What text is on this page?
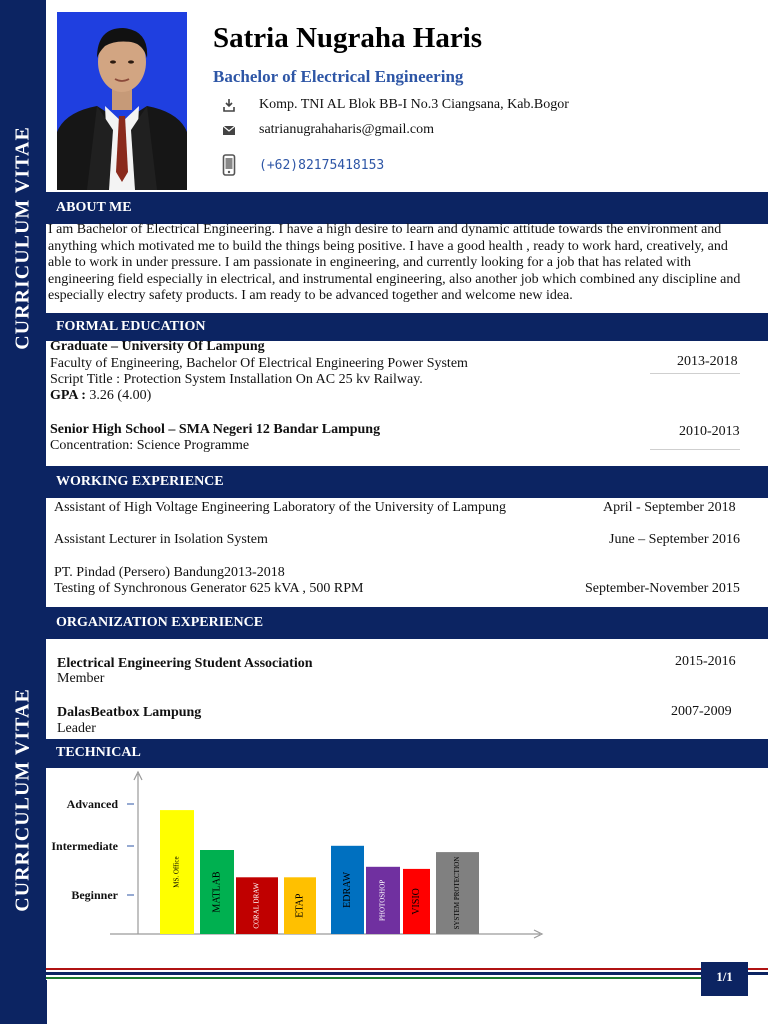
CURRICULUM VITAE
CURRICULUM VITAE
Satria Nugraha Haris
Bachelor of Electrical Engineering
Komp. TNI AL Blok BB-I No.3 Ciangsana, Kab.Bogor
satrianugrahaharis@gmail.com
(+62)82175418153
ABOUT ME
I am Bachelor of Electrical Engineering. I have a high desire to learn and dynamic attitude towards the environment and anything which motivated me to build the things being positive. I have a good health , ready to work hard, creatively, and able to work in under pressure. I am passionate in engineering, and currently looking for a job that has related with engineering field especially in electrical, and instrumental engineering, also another job which combined any discipline and especially electry safety products. I am ready to be advanced together and welcome new idea.
FORMAL EDUCATION
Graduate – University Of Lampung
Faculty of Engineering, Bachelor Of Electrical Engineering Power System
Script Title : Protection System Installation On AC 25 kv Railway.
GPA : 3.26 (4.00)
2013-2018
Senior High School – SMA Negeri 12 Bandar Lampung
Concentration: Science Programme
2010-2013
WORKING EXPERIENCE
Assistant of High Voltage Engineering Laboratory of the University of Lampung	April - September 2018
Assistant Lecturer in Isolation System	June – September 2016
PT. Pindad (Persero) Bandung2013-2018
Testing of Synchronous Generator 625 kVA , 500 RPM	September-November 2015
ORGANIZATION EXPERIENCE
Electrical Engineering Student Association
Member
2015-2016
DalasBeatbox Lampung
Leader
2007-2009
TECHNICAL
Beginner
Intermediate
Advanced
MS. Office	MATLAB	CORAL DRAW	ETAP	EDRAW	PHOTOSHOP VISIO	SYSTEM PROTECTION
1/1
